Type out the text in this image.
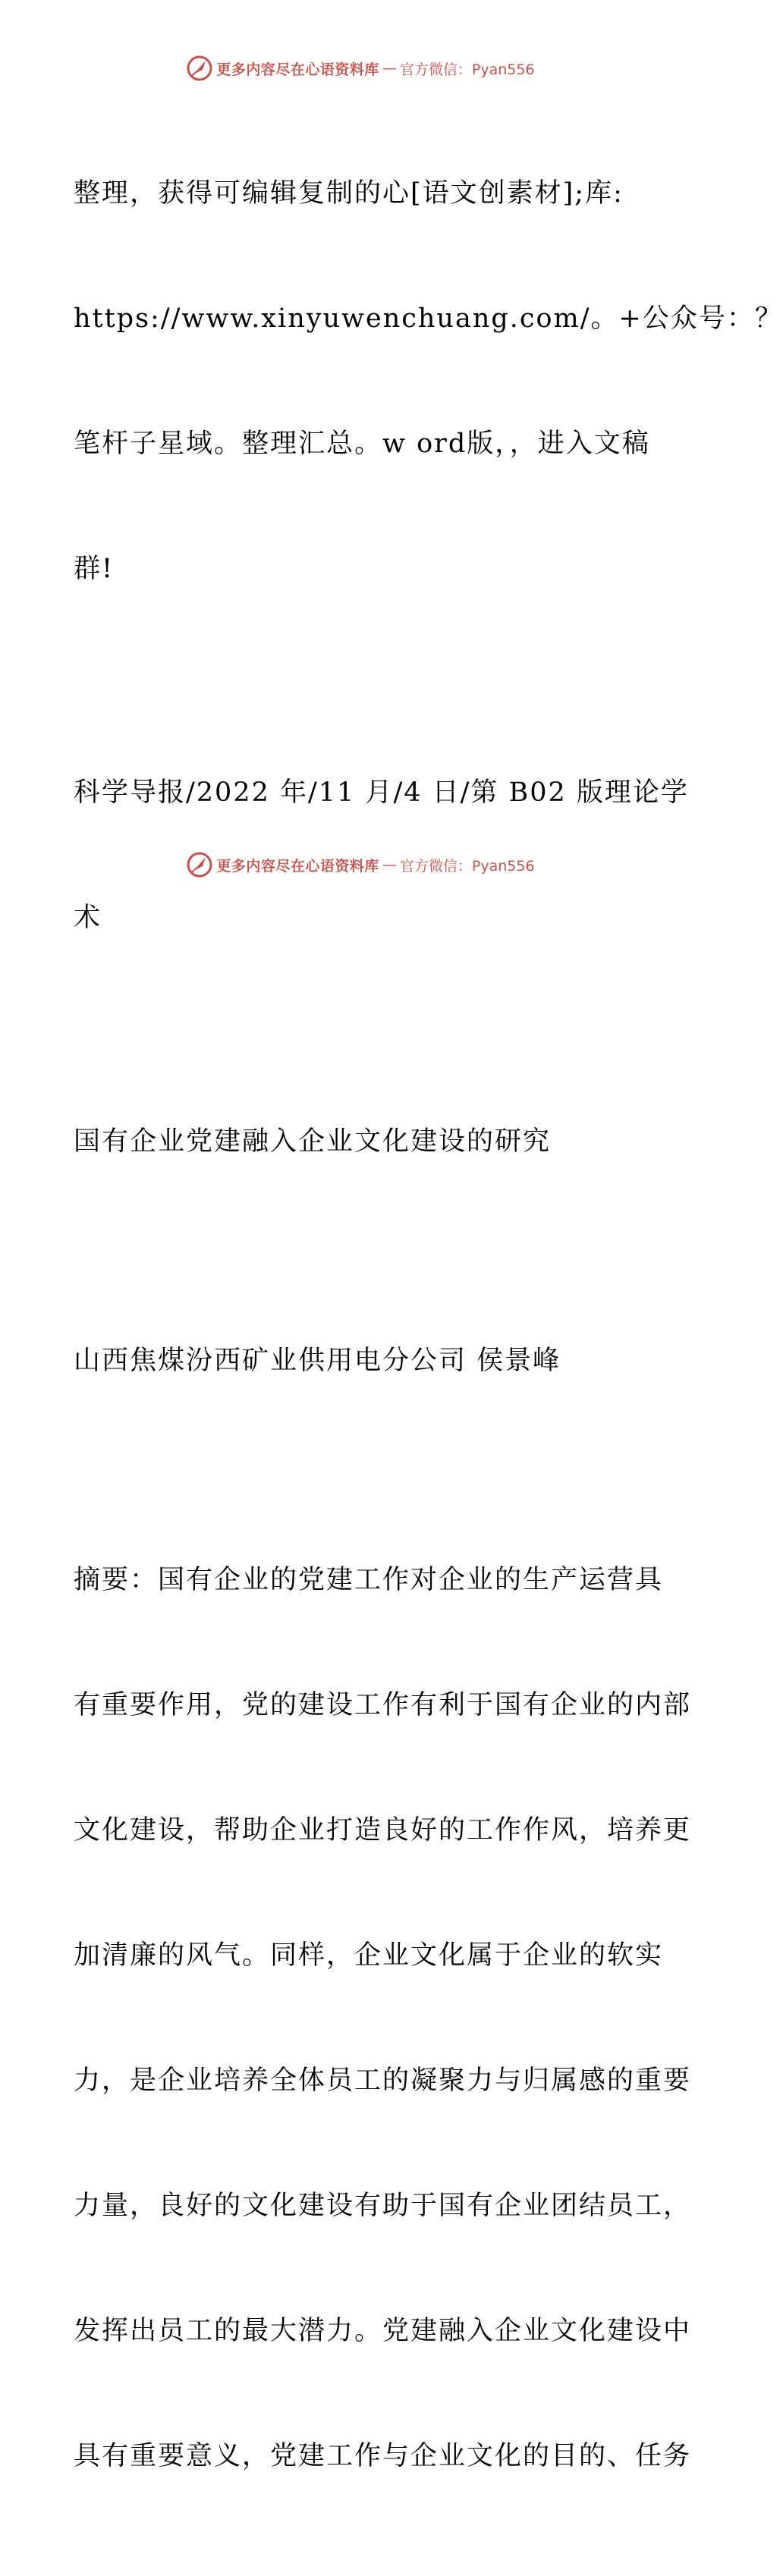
更多内容尽在心语资料库 — 官方微信：Pyan556

整理，获得可编辑复制的心[语文创素材];库:

https://www.xinyuwenchuang.com/。+公众号：？

笔杆子星域。整理汇总。w ord版，，进入文稿

群!

科学导报/2022 年/11 月/4 日/第 B02 版理论学

术

国有企业党建融入企业文化建设的研究

山西焦煤汾西矿业供用电分公司 侯景峰

摘要：国有企业的党建工作对企业的生产运营具

有重要作用，党的建设工作有利于国有企业的内部

文化建设，帮助企业打造良好的工作作风，培养更

加清廉的风气。同样，企业文化属于企业的软实

力，是企业培养全体员工的凝聚力与归属感的重要

力量，良好的文化建设有助于国有企业团结员工，

发挥出员工的最大潜力。党建融入企业文化建设中

具有重要意义，党建工作与企业文化的目的、任务

更多内容尽在心语资料库 — 官方微信：Pyan556
